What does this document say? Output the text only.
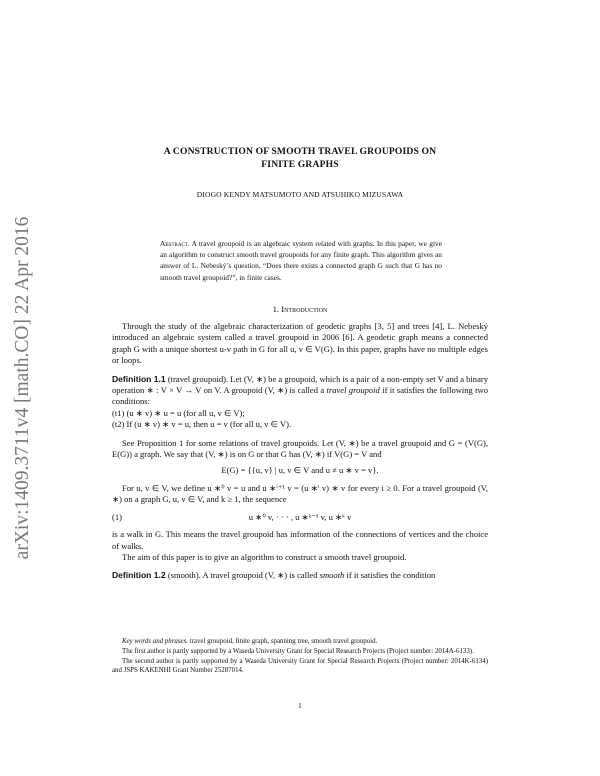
arXiv:1409.3711v4 [math.CO] 22 Apr 2016
A CONSTRUCTION OF SMOOTH TRAVEL GROUPOIDS ON
FINITE GRAPHS
DIOGO KENDY MATSUMOTO AND ATSUHIKO MIZUSAWA
Abstract. A travel groupoid is an algebraic system related with graphs. In this paper, we give an algorithm to construct smooth travel groupoids for any finite graph. This algorithm gives an answer of L. Nebeský’s question, “Does there exists a connected graph G such that G has no smooth travel groupoid?”, in finite cases.
1. Introduction

Through the study of the algebraic characterization of geodetic graphs [3, 5] and trees [4], L. Nebeský introduced an algebraic system called a travel groupoid in 2006 [6]. A geodetic graph means a connected graph G with a unique shortest u-v path in G for all u, v ∈ V(G). In this paper, graphs have no multiple edges or loops.

Definition 1.1 (travel groupoid). Let (V, ∗) be a groupoid, which is a pair of a non-empty set V and a binary operation ∗ : V × V → V on V. A groupoid (V, ∗) is called a travel groupoid if it satisfies the following two conditions:

(t1) (u ∗ v) ∗ u = u (for all u, v ∈ V);

(t2) If (u ∗ v) ∗ v = u, then u = v (for all u, v ∈ V).

See Proposition 1 for some relations of travel groupoids. Let (V, ∗) be a travel groupoid and G = (V(G), E(G)) a graph. We say that (V, ∗) is on G or that G has (V, ∗) if V(G) = V and

E(G) = {{u, v} | u, v ∈ V and u ≠ u ∗ v = v}.

For u, v ∈ V, we define u ∗⁰ v = u and u ∗ⁱ⁺¹ v = (u ∗ⁱ v) ∗ v for every i ≥ 0. For a travel groupoid (V, ∗) on a graph G, u, v ∈ V, and k ≥ 1, the sequence

(1)	u ∗⁰ v, · · · , u ∗ᵏ⁻¹ v, u ∗ᵏ v

is a walk in G. This means the travel groupoid has information of the connections of vertices and the choice of walks.

The aim of this paper is to give an algorithm to construct a smooth travel groupoid.

Definition 1.2 (smooth). A travel groupoid (V, ∗) is called smooth if it satisfies the condition

Key words and phrases. travel groupoid, finite graph, spanning tree, smooth travel groupoid.

The first author is partly supported by a Waseda University Grant for Special Research Projects (Project number: 2014A-6133).

The second author is partly supported by a Waseda University Grant for Special Research Projects (Project number: 2014K-6134) and JSPS KAKENHI Grant Number 25287014.

1
